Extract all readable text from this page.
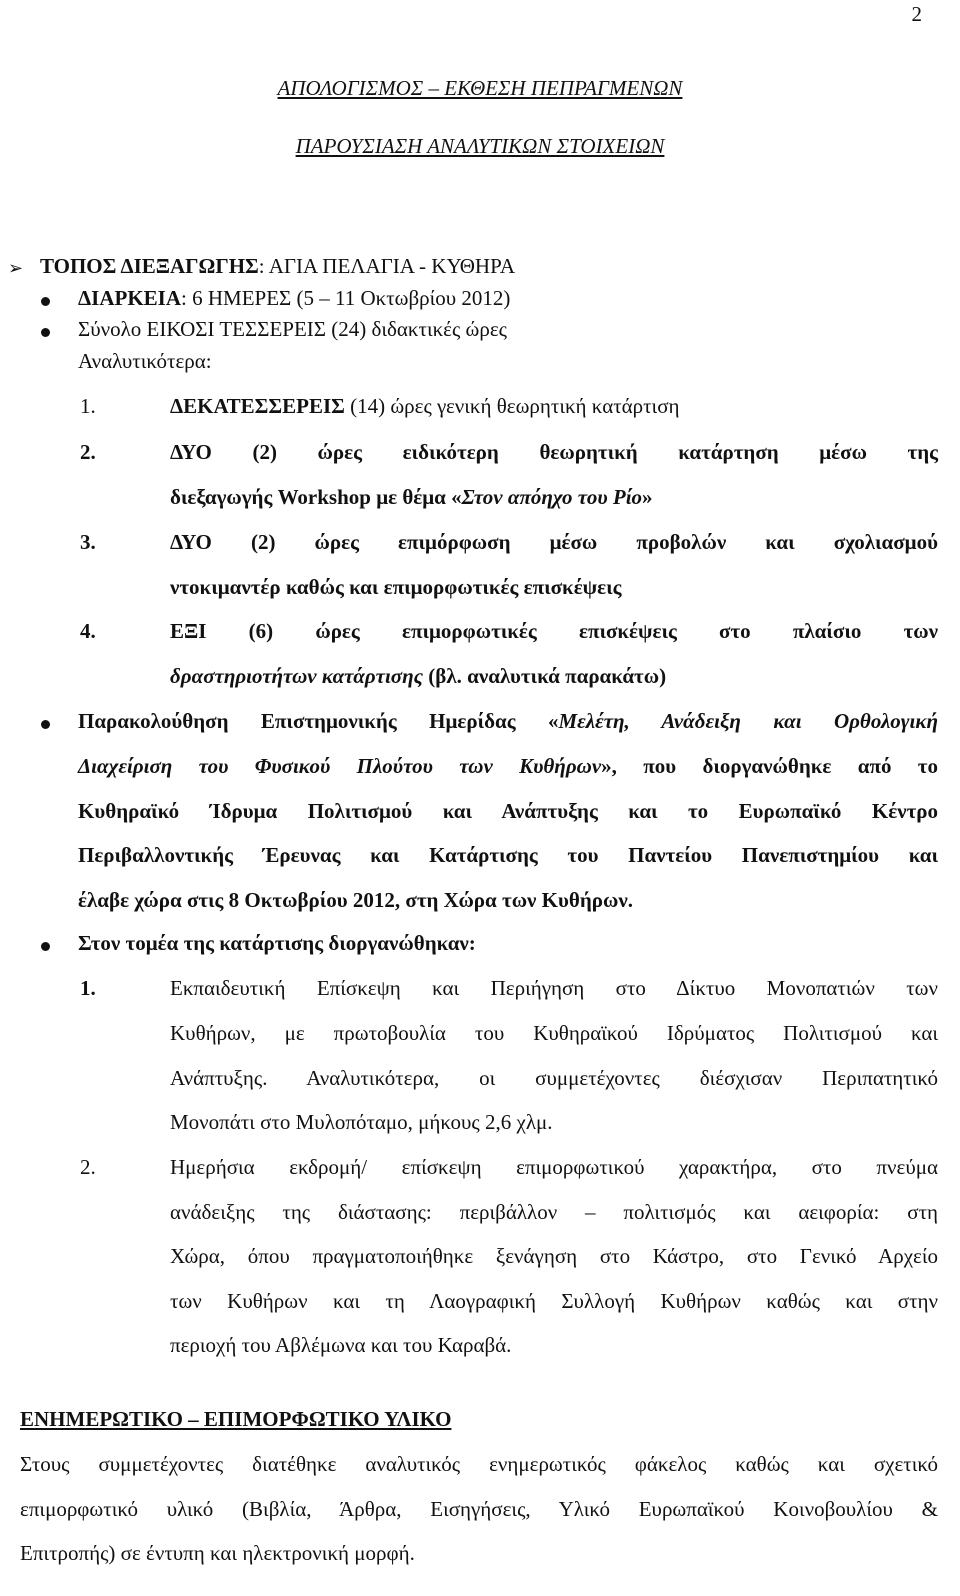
2
ΑΠΟΛΟΓΙΣΜΟΣ – ΕΚΘΕΣΗ ΠΕΠΡΑΓΜΕΝΩΝ
ΠΑΡΟΥΣΙΑΣΗ ΑΝΑΛΥΤΙΚΩΝ ΣΤΟΙΧΕΙΩΝ
➢ ΤΟΠΟΣ ΔΙΕΞΑΓΩΓΗΣ: ΑΓΙΑ ΠΕΛΑΓΙΑ - ΚΥΘΗΡΑ
ΔΙΑΡΚΕΙΑ: 6 ΗΜΕΡΕΣ (5 – 11 Οκτωβρίου 2012)
Σύνολο ΕΙΚΟΣΙ ΤΕΣΣΕΡΕΙΣ (24) διδακτικές ώρες
Αναλυτικότερα:
1.	ΔΕΚΑΤΕΣΣΕΡΕΙΣ (14) ώρες γενική θεωρητική κατάρτιση
2.	ΔΥΟ (2) ώρες ειδικότερη θεωρητική κατάρτηση μέσω της
διεξαγωγής Workshop με θέμα «Στον απόηχο του Ρίο»
3.	ΔΥΟ (2) ώρες επιμόρφωση μέσω προβολών και σχολιασμού
ντοκιμαντέρ καθώς και επιμορφωτικές επισκέψεις
4.	ΕΞΙ (6) ώρες επιμορφωτικές επισκέψεις στο πλαίσιο των
δραστηριοτήτων κατάρτισης (βλ. αναλυτικά παρακάτω)
Παρακολούθηση Επιστημονικής Ημερίδας «Μελέτη, Ανάδειξη και Ορθολογική
Διαχείριση του Φυσικού Πλούτου των Κυθήρων», που διοργανώθηκε από το
Κυθηραϊκό Ίδρυμα Πολιτισμού και Ανάπτυξης και το Ευρωπαϊκό Κέντρο
Περιβαλλοντικής Έρευνας και Κατάρτισης του Παντείου Πανεπιστημίου και
έλαβε χώρα στις 8 Οκτωβρίου 2012, στη Χώρα των Κυθήρων.
Στον τομέα της κατάρτισης διοργανώθηκαν:
1.	Εκπαιδευτική Επίσκεψη και Περιήγηση στο Δίκτυο Μονοπατιών των
Κυθήρων, με πρωτοβουλία του Κυθηραϊκού Ιδρύματος Πολιτισμού και
Ανάπτυξης. Αναλυτικότερα, οι συμμετέχοντες διέσχισαν Περιπατητικό
Μονοπάτι στο Μυλοπόταμο, μήκους 2,6 χλμ.
2.	Ημερήσια εκδρομή/ επίσκεψη επιμορφωτικού χαρακτήρα, στο πνεύμα
ανάδειξης της διάστασης: περιβάλλον – πολιτισμός και αειφορία: στη
Χώρα, όπου πραγματοποιήθηκε ξενάγηση στο Κάστρο, στο Γενικό Αρχείο
των Κυθήρων και τη Λαογραφική Συλλογή Κυθήρων καθώς και στην
περιοχή του Αβλέμωνα και του Καραβά.
ΕΝΗΜΕΡΩΤΙΚΟ – ΕΠΙΜΟΡΦΩΤΙΚΟ ΥΛΙΚΟ
Στους συμμετέχοντες διατέθηκε αναλυτικός ενημερωτικός φάκελος καθώς και σχετικό
επιμορφωτικό υλικό (Βιβλία, Άρθρα, Εισηγήσεις, Υλικό Ευρωπαϊκού Κοινοβουλίου &
Επιτροπής) σε έντυπη και ηλεκτρονική μορφή.
